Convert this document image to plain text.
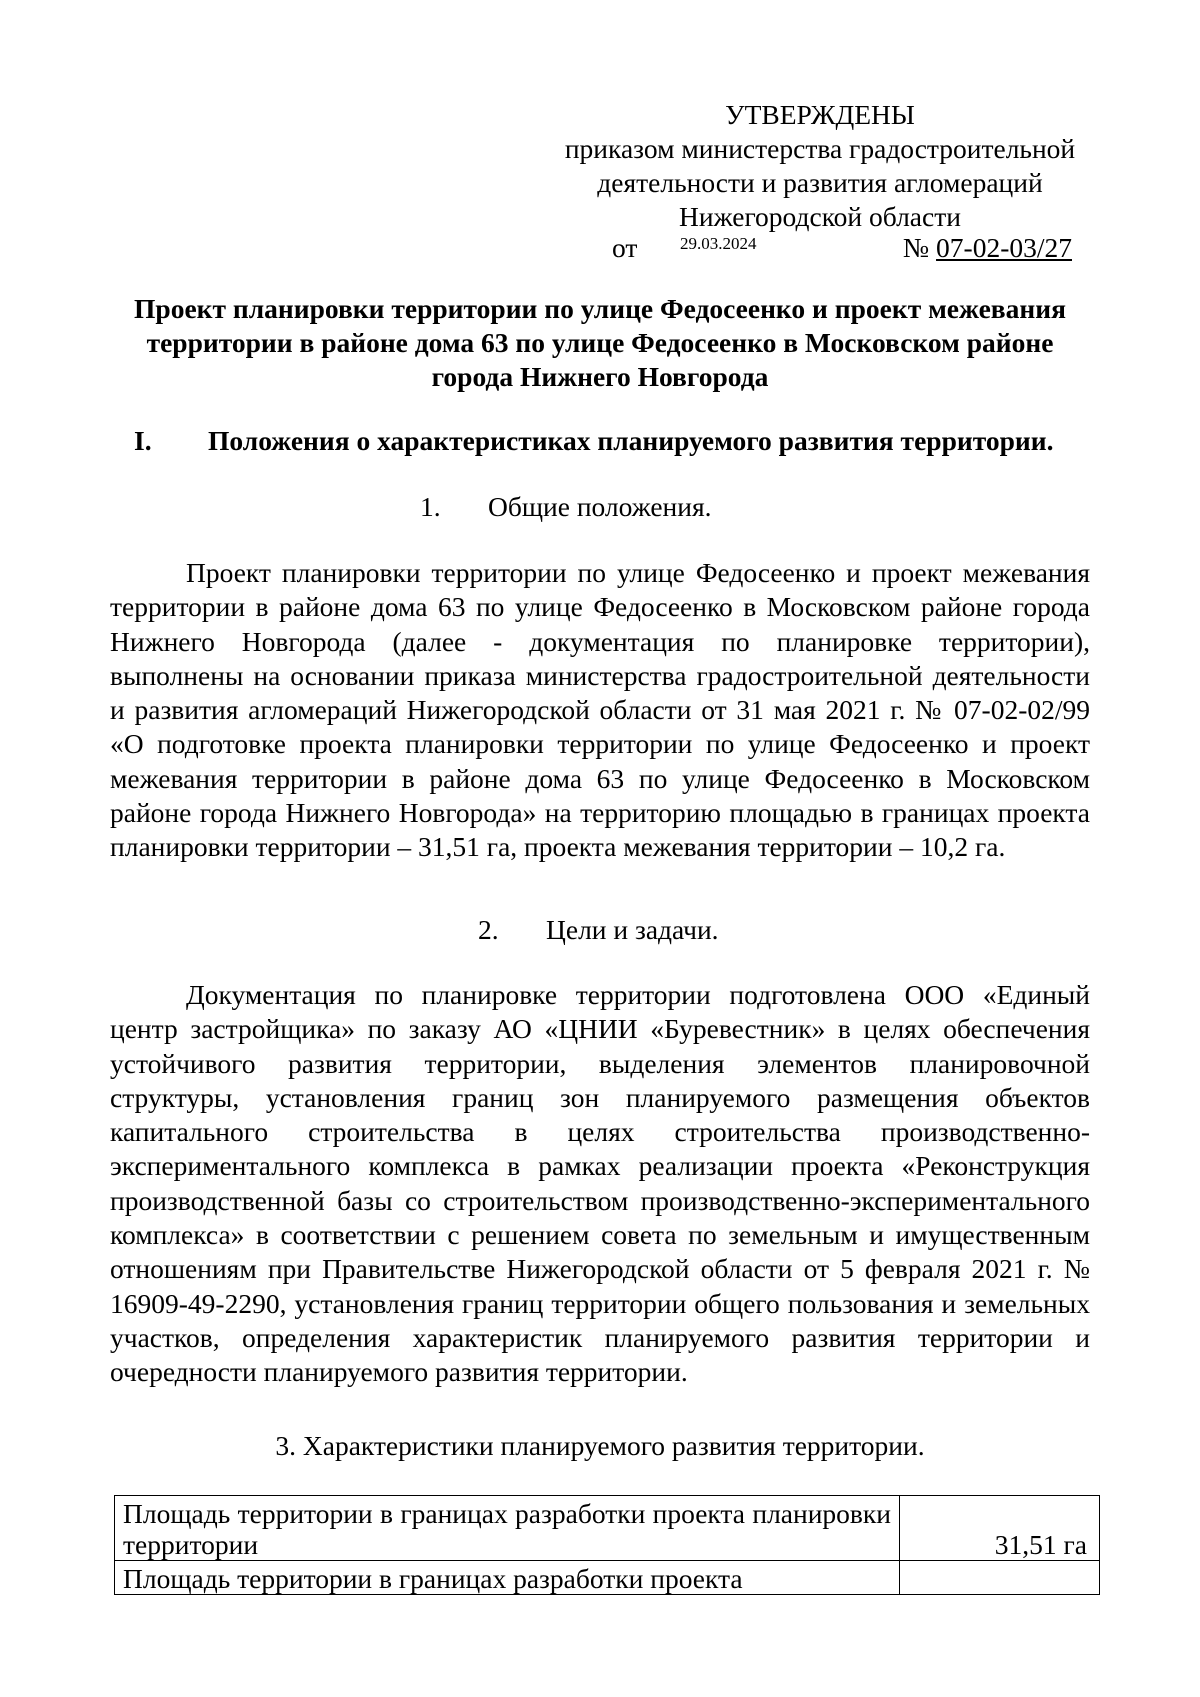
УТВЕРЖДЕНЫ
приказом министерства градостроительной
деятельности и развития агломераций
Нижегородской области
от	29.03.2024	№ 07-02-03/27
Проект планировки территории по улице Федосеенко и проект межевания территории в районе дома 63 по улице Федосеенко в Московском районе города Нижнего Новгорода
I. Положения о характеристиках планируемого развития территории.
1. Общие положения.

Проект планировки территории по улице Федосеенко и проект межевания территории в районе дома 63 по улице Федосеенко в Московском районе города Нижнего Новгорода (далее - документация по планировке территории), выполнены на основании приказа министерства градостроительной деятельности и развития агломераций Нижегородской области от 31 мая 2021 г. № 07-02-02/99 «О подготовке проекта планировки территории по улице Федосеенко и проект межевания территории в районе дома 63 по улице Федосеенко в Московском районе города Нижнего Новгорода» на территорию площадью в границах проекта планировки территории – 31,51 га, проекта межевания территории – 10,2 га.

2. Цели и задачи.

Документация по планировке территории подготовлена ООО «Единый центр застройщика» по заказу АО «ЦНИИ «Буревестник» в целях обеспечения устойчивого развития территории, выделения элементов планировочной структуры, установления границ зон планируемого размещения объектов капитального строительства в целях строительства производственно-экспериментального комплекса в рамках реализации проекта «Реконструкция производственной базы со строительством производственно-экспериментального комплекса» в соответствии с решением совета по земельным и имущественным отношениям при Правительстве Нижегородской области от 5 февраля 2021 г. № 16909-49-2290, установления границ территории общего пользования и земельных участков, определения характеристик планируемого развития территории и очередности планируемого развития территории.

3. Характеристики планируемого развития территории.
Площадь территории в границах разработки проекта планировки территории	31,51 га
Площадь территории в границах разработки проекта	
